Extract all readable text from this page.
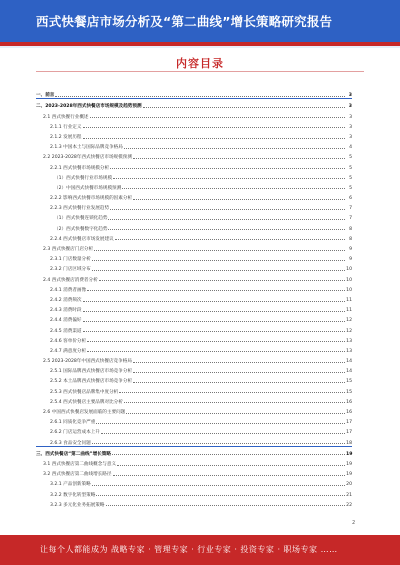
西式快餐店市场分析及“第二曲线”增长策略研究报告
内容目录
一、前言	3
二、2023-2028年西式快餐店市场规模及趋势预测	3
2.1 西式快餐行业概述	3
2.1.1 行业定义	3
2.1.2 发展历程	3
2.1.3 中国本土与国际品牌竞争格局	4
2.2 2023-2028年西式快餐店市场规模预测	5
2.2.1 西式快餐市场规模分析	5
（1）西式快餐行业市场规模	5
（2）中国西式快餐市场规模预测	5
2.2.2 影响西式快餐市场规模的因素分析	6
2.2.3 西式快餐行业发展趋势	7
（1）西式快餐连锁化趋势	7
（2）西式快餐数字化趋势	8
2.2.4 西式快餐店市场发展建议	8
2.3 西式快餐店门店分析	9
2.3.1 门店数量分析	9
2.3.2 门店区域分布	10
2.4 西式快餐店消费者分析	10
2.4.1 消费者画像	10
2.4.2 消费频次	11
2.4.3 消费时段	11
2.4.4 消费偏好	12
2.4.5 消费渠道	12
2.4.6 客单价分析	13
2.4.7 满意度分析	13
2.5 2023-2028年中国西式快餐店竞争格局	14
2.5.1 国际品牌西式快餐店市场竞争分析	14
2.5.2 本土品牌西式快餐店市场竞争分析	15
2.5.3 西式快餐店品牌集中度分析	15
2.5.4 西式快餐店主要品牌对比分析	16
2.6 中国西式快餐店发展面临的主要问题	16
2.6.1 同质化竞争严重	17
2.6.2 门店运营成本上升	17
2.6.3 食品安全问题	18
三、西式快餐店“第二曲线”增长策略	19
3.1 西式快餐店第二曲线概念与意义	19
3.2 西式快餐店第二曲线增长路径	19
3.2.1 产品创新策略	20
3.2.2 数字化转型策略	21
3.2.3 多元化业务拓展策略	22
2
让每个人都能成为 战略专家 · 管理专家 · 行业专家 · 投资专家 · 职场专家 ……
